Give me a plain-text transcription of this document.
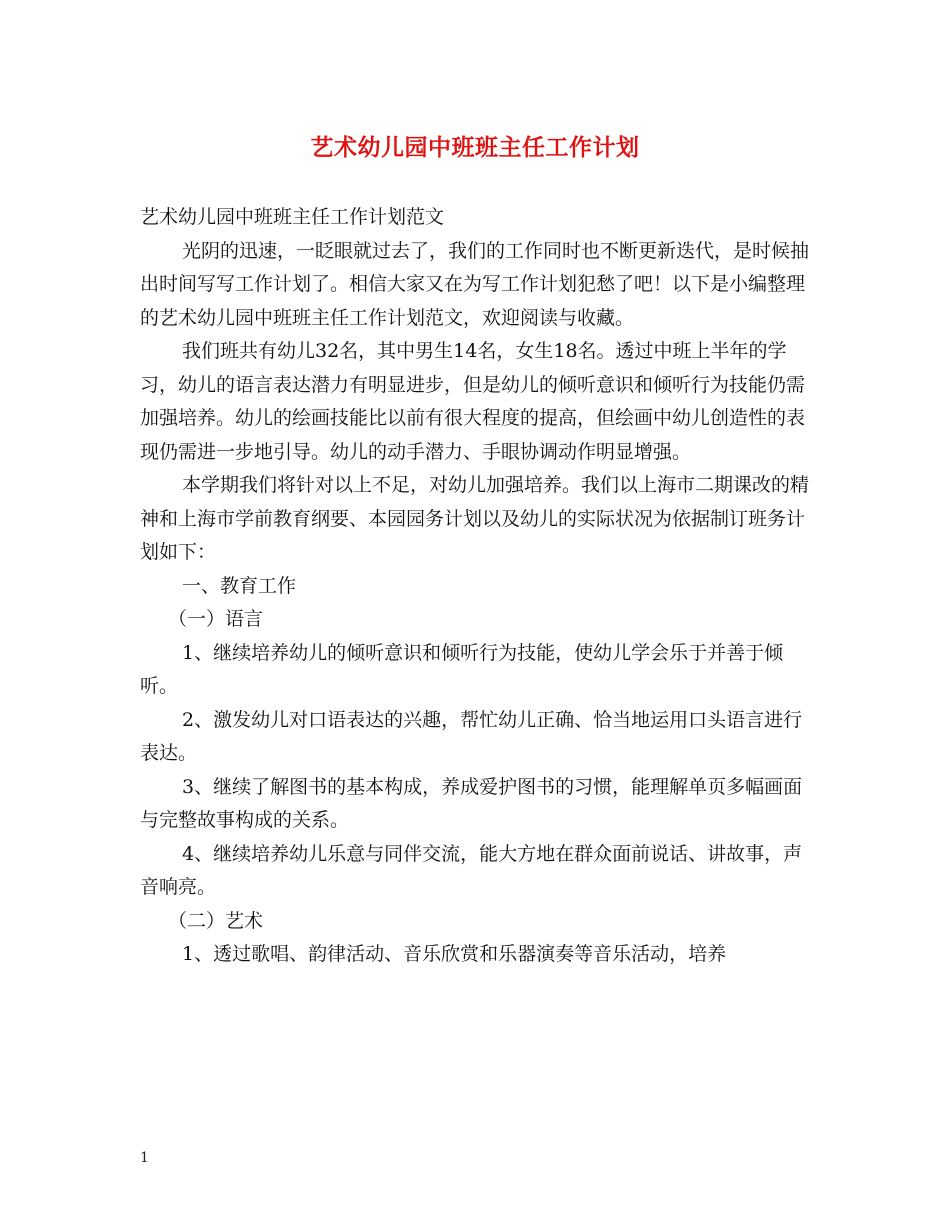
艺术幼儿园中班班主任工作计划

艺术幼儿园中班班主任工作计划范文

光阴的迅速，一眨眼就过去了，我们的工作同时也不断更新迭代，是时候抽出时间写写工作计划了。相信大家又在为写工作计划犯愁了吧！以下是小编整理的艺术幼儿园中班班主任工作计划范文，欢迎阅读与收藏。

我们班共有幼儿32名，其中男生14名，女生18名。透过中班上半年的学习，幼儿的语言表达潜力有明显进步，但是幼儿的倾听意识和倾听行为技能仍需加强培养。幼儿的绘画技能比以前有很大程度的提高，但绘画中幼儿创造性的表现仍需进一步地引导。幼儿的动手潜力、手眼协调动作明显增强。

本学期我们将针对以上不足，对幼儿加强培养。我们以上海市二期课改的精神和上海市学前教育纲要、本园园务计划以及幼儿的实际状况为依据制订班务计划如下：

一、教育工作

（一）语言

1、继续培养幼儿的倾听意识和倾听行为技能，使幼儿学会乐于并善于倾听。

2、激发幼儿对口语表达的兴趣，帮忙幼儿正确、恰当地运用口头语言进行表达。

3、继续了解图书的基本构成，养成爱护图书的习惯，能理解单页多幅画面与完整故事构成的关系。

4、继续培养幼儿乐意与同伴交流，能大方地在群众面前说话、讲故事，声音响亮。

（二）艺术

1、透过歌唱、韵律活动、音乐欣赏和乐器演奏等音乐活动，培养

1
